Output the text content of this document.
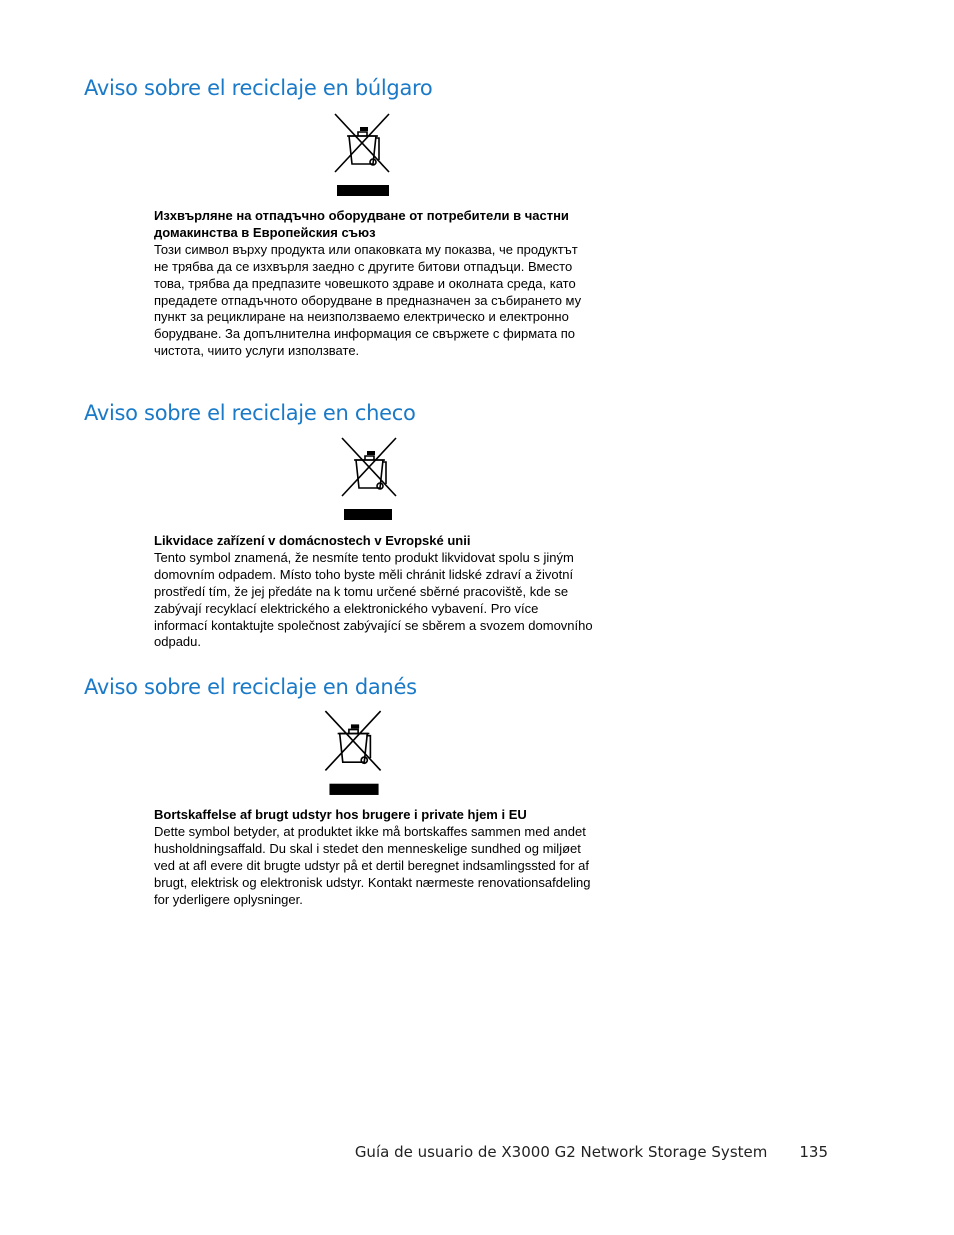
Aviso sobre el reciclaje en búlgaro

Изхвърляне на отпадъчно оборудване от потребители в частни домакинства в Европейския съюз

Този символ върху продукта или опаковката му показва, че продуктът не трябва да се изхвърля заедно с другите битови отпадъци. Вместо това, трябва да предпазите човешкото здраве и околната среда, като предадете отпадъчното оборудване в предназначен за събирането му пункт за рециклиране на неизползваемо електрическо и електронно борудване. За допълнителна информация се свържете с фирмата по чистота, чиито услуги използвате.

Aviso sobre el reciclaje en checo

Likvidace zařízení v domácnostech v Evropské unii

Tento symbol znamená, že nesmíte tento produkt likvidovat spolu s jiným domovním odpadem. Místo toho byste měli chránit lidské zdraví a životní prostředí tím, že jej předáte na k tomu určené sběrné pracoviště, kde se zabývají recyklací elektrického a elektronického vybavení. Pro více informací kontaktujte společnost zabývající se sběrem a svozem domovního odpadu.

Aviso sobre el reciclaje en danés

Bortskaffelse af brugt udstyr hos brugere i private hjem i EU

Dette symbol betyder, at produktet ikke må bortskaffes sammen med andet husholdningsaffald. Du skal i stedet den menneskelige sundhed og miljøet ved at afl evere dit brugte udstyr på et dertil beregnet indsamlingssted for af brugt, elektrisk og elektronisk udstyr. Kontakt nærmeste renovationsafdeling for yderligere oplysninger.

Guía de usuario de X3000 G2 Network Storage System 135
